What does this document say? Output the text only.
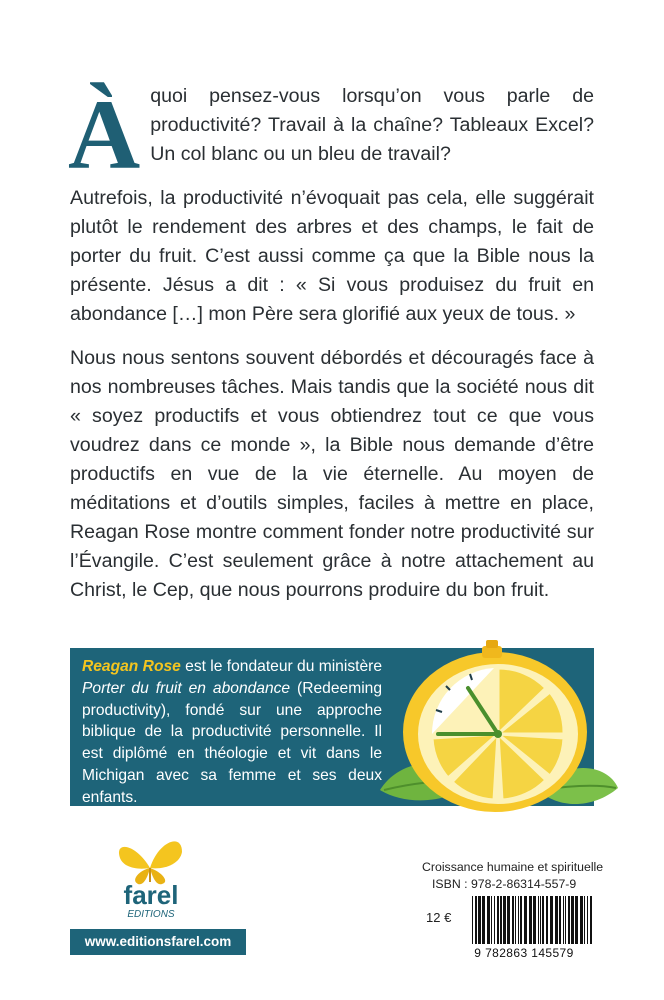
À quoi pensez-vous lorsqu’on vous parle de productivité? Travail à la chaîne? Tableaux Excel? Un col blanc ou un bleu de travail?

Autrefois, la productivité n’évoquait pas cela, elle suggérait plutôt le rendement des arbres et des champs, le fait de porter du fruit. C’est aussi comme ça que la Bible nous la présente. Jésus a dit : « Si vous produisez du fruit en abondance […] mon Père sera glorifié aux yeux de tous. »

Nous nous sentons souvent débordés et découragés face à nos nombreuses tâches. Mais tandis que la société nous dit « soyez productifs et vous obtiendrez tout ce que vous voudrez dans ce monde », la Bible nous demande d’être productifs en vue de la vie éternelle. Au moyen de méditations et d’outils simples, faciles à mettre en place, Reagan Rose montre comment fonder notre productivité sur l’Évangile. C’est seulement grâce à notre attachement au Christ, le Cep, que nous pourrons produire du bon fruit.

Reagan Rose est le fondateur du ministère Porter du fruit en abondance (Redeeming productivity), fondé sur une approche biblique de la productivité personnelle. Il est diplômé en théologie et vit dans le Michigan avec sa femme et ses deux enfants.
farel
EDITIONS
www.editionsfarel.com
Croissance humaine et spirituelle
ISBN : 978-2-86314-557-9
12 €
9 782863 145579
